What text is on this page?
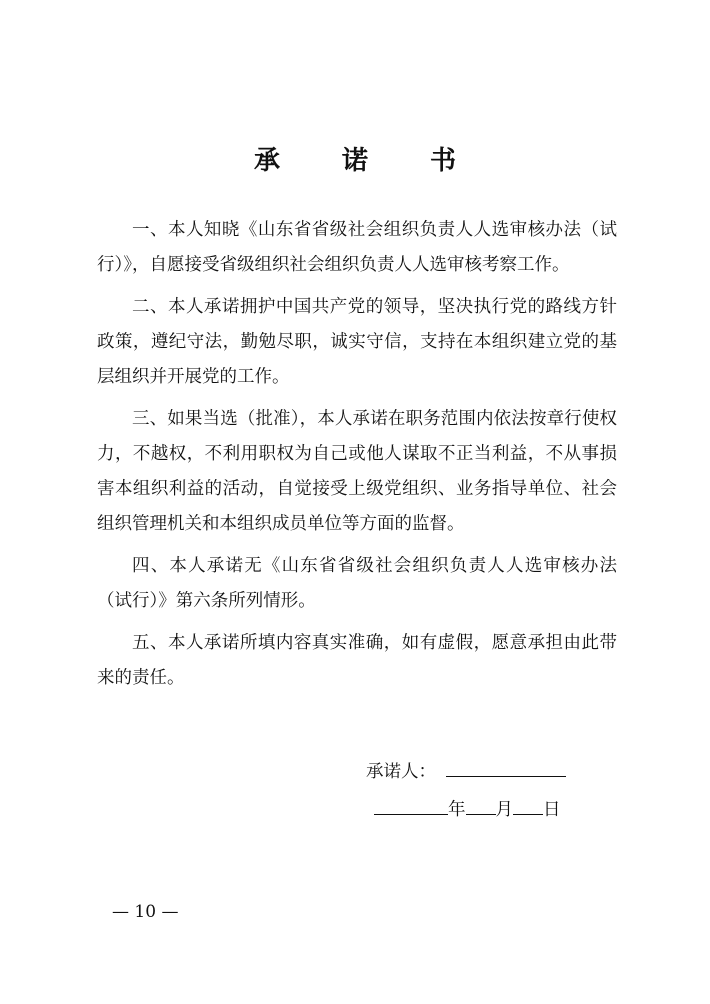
承　诺　书

一、本人知晓《山东省省级社会组织负责人人选审核办法（试行）》，自愿接受省级组织社会组织负责人人选审核考察工作。

二、本人承诺拥护中国共产党的领导，坚决执行党的路线方针政策，遵纪守法，勤勉尽职，诚实守信，支持在本组织建立党的基层组织并开展党的工作。

三、如果当选（批准），本人承诺在职务范围内依法按章行使权力，不越权，不利用职权为自己或他人谋取不正当利益，不从事损害本组织利益的活动，自觉接受上级党组织、业务指导单位、社会组织管理机关和本组织成员单位等方面的监督。

四、本人承诺无《山东省省级社会组织负责人人选审核办法（试行）》第六条所列情形。

五、本人承诺所填内容真实准确，如有虚假，愿意承担由此带来的责任。

承诺人：
年 月 日
— 10 —
